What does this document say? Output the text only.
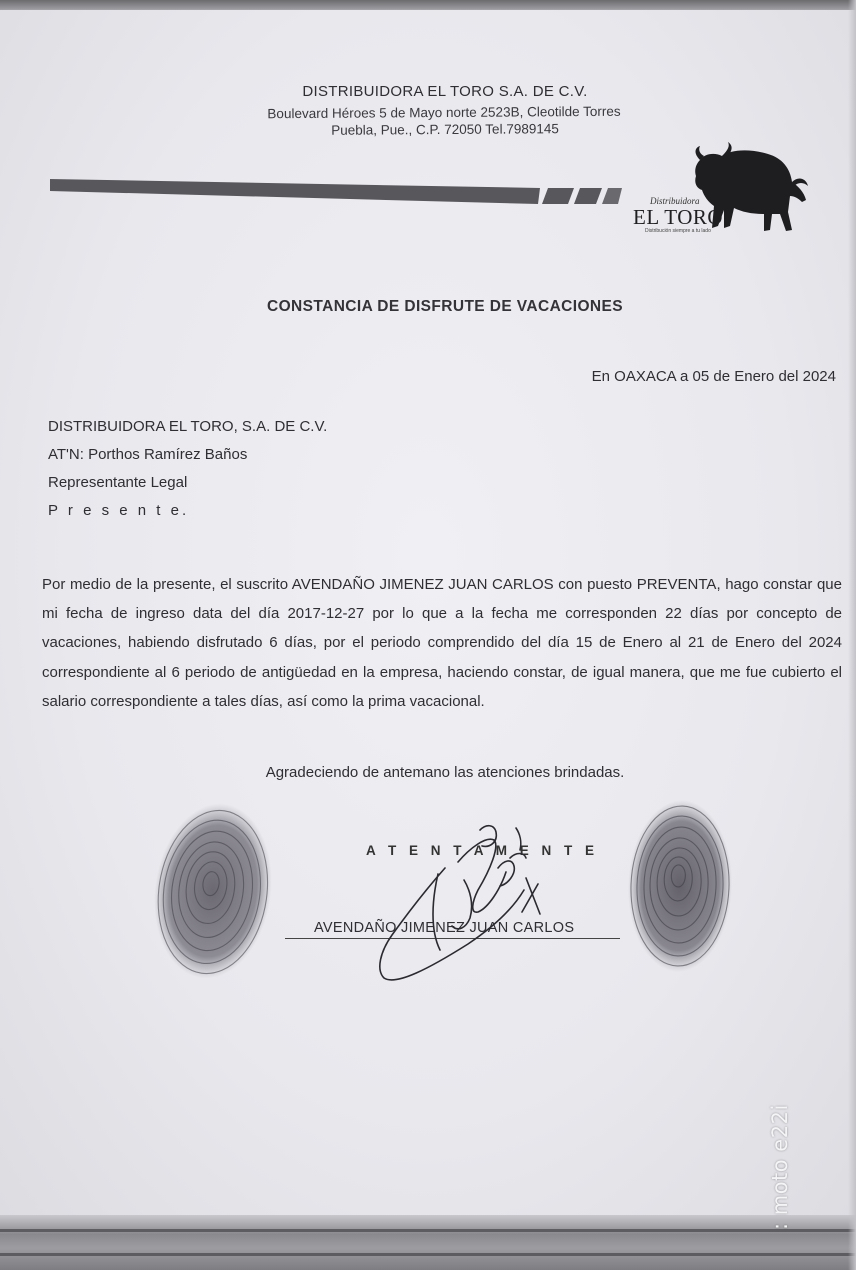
DISTRIBUIDORA EL TORO S.A. DE C.V.
Boulevard Héroes 5 de Mayo norte 2523B, Cleotilde Torres
Puebla, Pue., C.P. 72050 Tel.7989145
Distribuidora
EL TORO
Distribución siempre a tu lado
CONSTANCIA DE DISFRUTE DE VACACIONES
En OAXACA a 05 de Enero del 2024
DISTRIBUIDORA EL TORO, S.A. DE C.V.
AT'N: Porthos Ramírez Baños
Representante Legal
P r e s e n t e.
Por medio de la presente, el suscrito AVENDAÑO JIMENEZ JUAN CARLOS con puesto PREVENTA, hago constar que mi fecha de ingreso data del día 2017-12-27 por lo que a la fecha me corresponden 22 días por concepto de vacaciones, habiendo disfrutado 6 días, por el periodo comprendido del día 15 de Enero al 21 de Enero del 2024 correspondiente al 6 periodo de antigüedad en la empresa, haciendo constar, de igual manera, que me fue cubierto el salario correspondiente a tales días, así como la prima vacacional.
Agradeciendo de antemano las atenciones brindadas.
A T E N T A M E N T E
AVENDAÑO JIMENEZ JUAN CARLOS
: moto e22i
